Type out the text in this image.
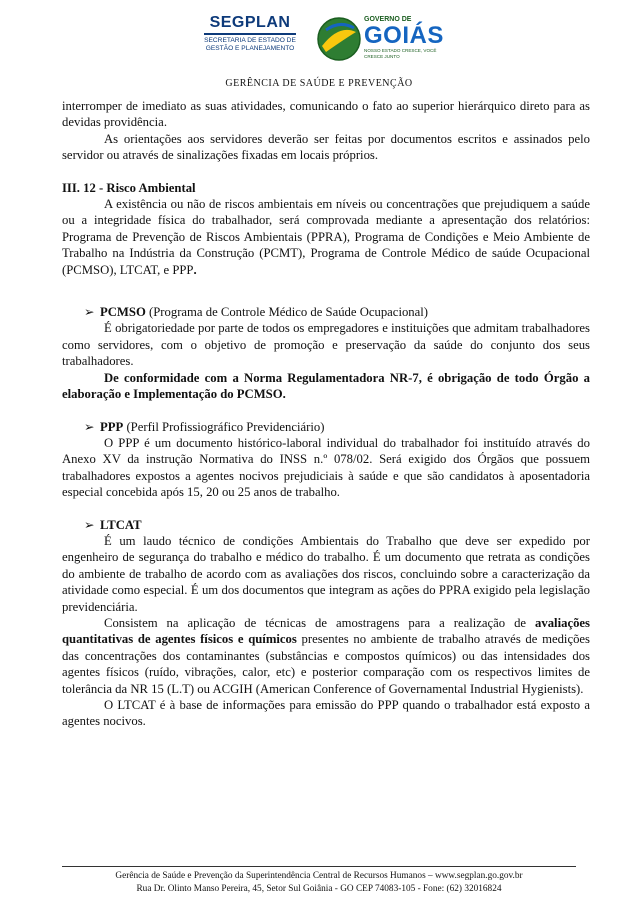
SEGPLAN
SECRETARIA DE ESTADO DE
GESTÃO E PLANEJAMENTO
GOVERNO DE
GOIÁS
NOSSO ESTADO CRESCE, VOCÊ CRESCE JUNTO
GERÊNCIA DE SAÚDE E PREVENÇÃO

interromper de imediato as suas atividades, comunicando o fato ao superior hierárquico direto para as devidas providência.

As orientações aos servidores deverão ser feitas por documentos escritos e assinados pelo servidor ou através de sinalizações fixadas em locais próprios.

III. 12 - Risco Ambiental

A existência ou não de riscos ambientais em níveis ou concentrações que prejudiquem a saúde ou a integridade física do trabalhador, será comprovada mediante a apresentação dos relatórios: Programa de Prevenção de Riscos Ambientais (PPRA), Programa de Condições e Meio Ambiente de Trabalho na Indústria da Construção (PCMT), Programa de Controle Médico de saúde Ocupacional (PCMSO), LTCAT, e PPP.

➢ PCMSO (Programa de Controle Médico de Saúde Ocupacional)

É obrigatoriedade por parte de todos os empregadores e instituições que admitam trabalhadores como servidores, com o objetivo de promoção e preservação da saúde do conjunto dos seus trabalhadores.

De conformidade com a Norma Regulamentadora NR-7, é obrigação de todo Órgão a elaboração e Implementação do PCMSO.

➢ PPP (Perfil Profissiográfico Previdenciário)

O PPP é um documento histórico-laboral individual do trabalhador foi instituído através do Anexo XV da instrução Normativa do INSS n.º 078/02. Será exigido dos Órgãos que possuem trabalhadores expostos a agentes nocivos prejudiciais à saúde e que são candidatos à aposentadoria especial concebida após 15, 20 ou 25 anos de trabalho.

➢ LTCAT

É um laudo técnico de condições Ambientais do Trabalho que deve ser expedido por engenheiro de segurança do trabalho e médico do trabalho. É um documento que retrata as condições do ambiente de trabalho de acordo com as avaliações dos riscos, concluindo sobre a caracterização da atividade como especial. É um dos documentos que integram as ações do PPRA exigido pela legislação previdenciária.

Consistem na aplicação de técnicas de amostragens para a realização de avaliações quantitativas de agentes físicos e químicos presentes no ambiente de trabalho através de medições das concentrações dos contaminantes (substâncias e compostos químicos) ou das intensidades dos agentes físicos (ruído, vibrações, calor, etc) e posterior comparação com os respectivos limites de tolerância da NR 15 (L.T) ou ACGIH (American Conference of Governamental Industrial Hygienists).

O LTCAT é à base de informações para emissão do PPP quando o trabalhador está exposto a agentes nocivos.

Gerência de Saúde e Prevenção da Superintendência Central de Recursos Humanos – www.segplan.go.gov.br
Rua Dr. Olinto Manso Pereira, 45, Setor Sul Goiânia - GO CEP 74083-105 - Fone: (62) 32016824
